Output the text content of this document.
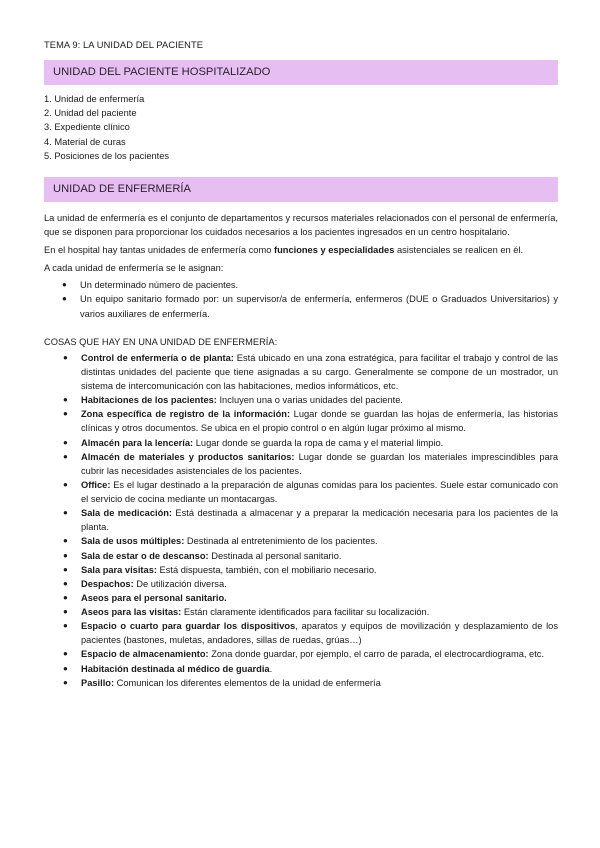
TEMA 9: LA UNIDAD DEL PACIENTE
UNIDAD DEL PACIENTE HOSPITALIZADO
1. Unidad de enfermería
2. Unidad del paciente
3. Expediente clínico
4. Material de curas
5. Posiciones de los pacientes
UNIDAD DE ENFERMERÍA

La unidad de enfermería es el conjunto de departamentos y recursos materiales relacionados con el personal de enfermería, que se disponen para proporcionar los cuidados necesarios a los pacientes ingresados en un centro hospitalario.

En el hospital hay tantas unidades de enfermería como funciones y especialidades asistenciales se realicen en él.

A cada unidad de enfermería se le asignan:

● Un determinado número de pacientes.
● Un equipo sanitario formado por: un supervisor/a de enfermería, enfermeros (DUE o Graduados Universitarios) y varios auxiliares de enfermería.
COSAS QUE HAY EN UNA UNIDAD DE ENFERMERÍA:
● Control de enfermería o de planta: Está ubicado en una zona estratégica, para facilitar el trabajo y control de las distintas unidades del paciente que tiene asignadas a su cargo. Generalmente se compone de un mostrador, un sistema de intercomunicación con las habitaciones, medios informáticos, etc.
● Habitaciones de los pacientes: Incluyen una o varias unidades del paciente.
● Zona específica de registro de la información: Lugar donde se guardan las hojas de enfermería, las historias clínicas y otros documentos. Se ubica en el propio control o en algún lugar próximo al mismo.
● Almacén para la lencería: Lugar donde se guarda la ropa de cama y el material limpio.
● Almacén de materiales y productos sanitarios: Lugar donde se guardan los materiales imprescindibles para cubrir las necesidades asistenciales de los pacientes.
● Office: Es el lugar destinado a la preparación de algunas comidas para los pacientes. Suele estar comunicado con el servicio de cocina mediante un montacargas.
● Sala de medicación: Está destinada a almacenar y a preparar la medicación necesaria para los pacientes de la planta.
● Sala de usos múltiples: Destinada al entretenimiento de los pacientes.
● Sala de estar o de descanso: Destinada al personal sanitario.
● Sala para visitas: Está dispuesta, también, con el mobiliario necesario.
● Despachos: De utilización diversa.
● Aseos para el personal sanitario.
● Aseos para las visitas: Están claramente identificados para facilitar su localización.
● Espacio o cuarto para guardar los dispositivos, aparatos y equipos de movilización y desplazamiento de los pacientes (bastones, muletas, andadores, sillas de ruedas, grúas…)
● Espacio de almacenamiento: Zona donde guardar, por ejemplo, el carro de parada, el electrocardiograma, etc.
● Habitación destinada al médico de guardia.
● Pasillo: Comunican los diferentes elementos de la unidad de enfermería
